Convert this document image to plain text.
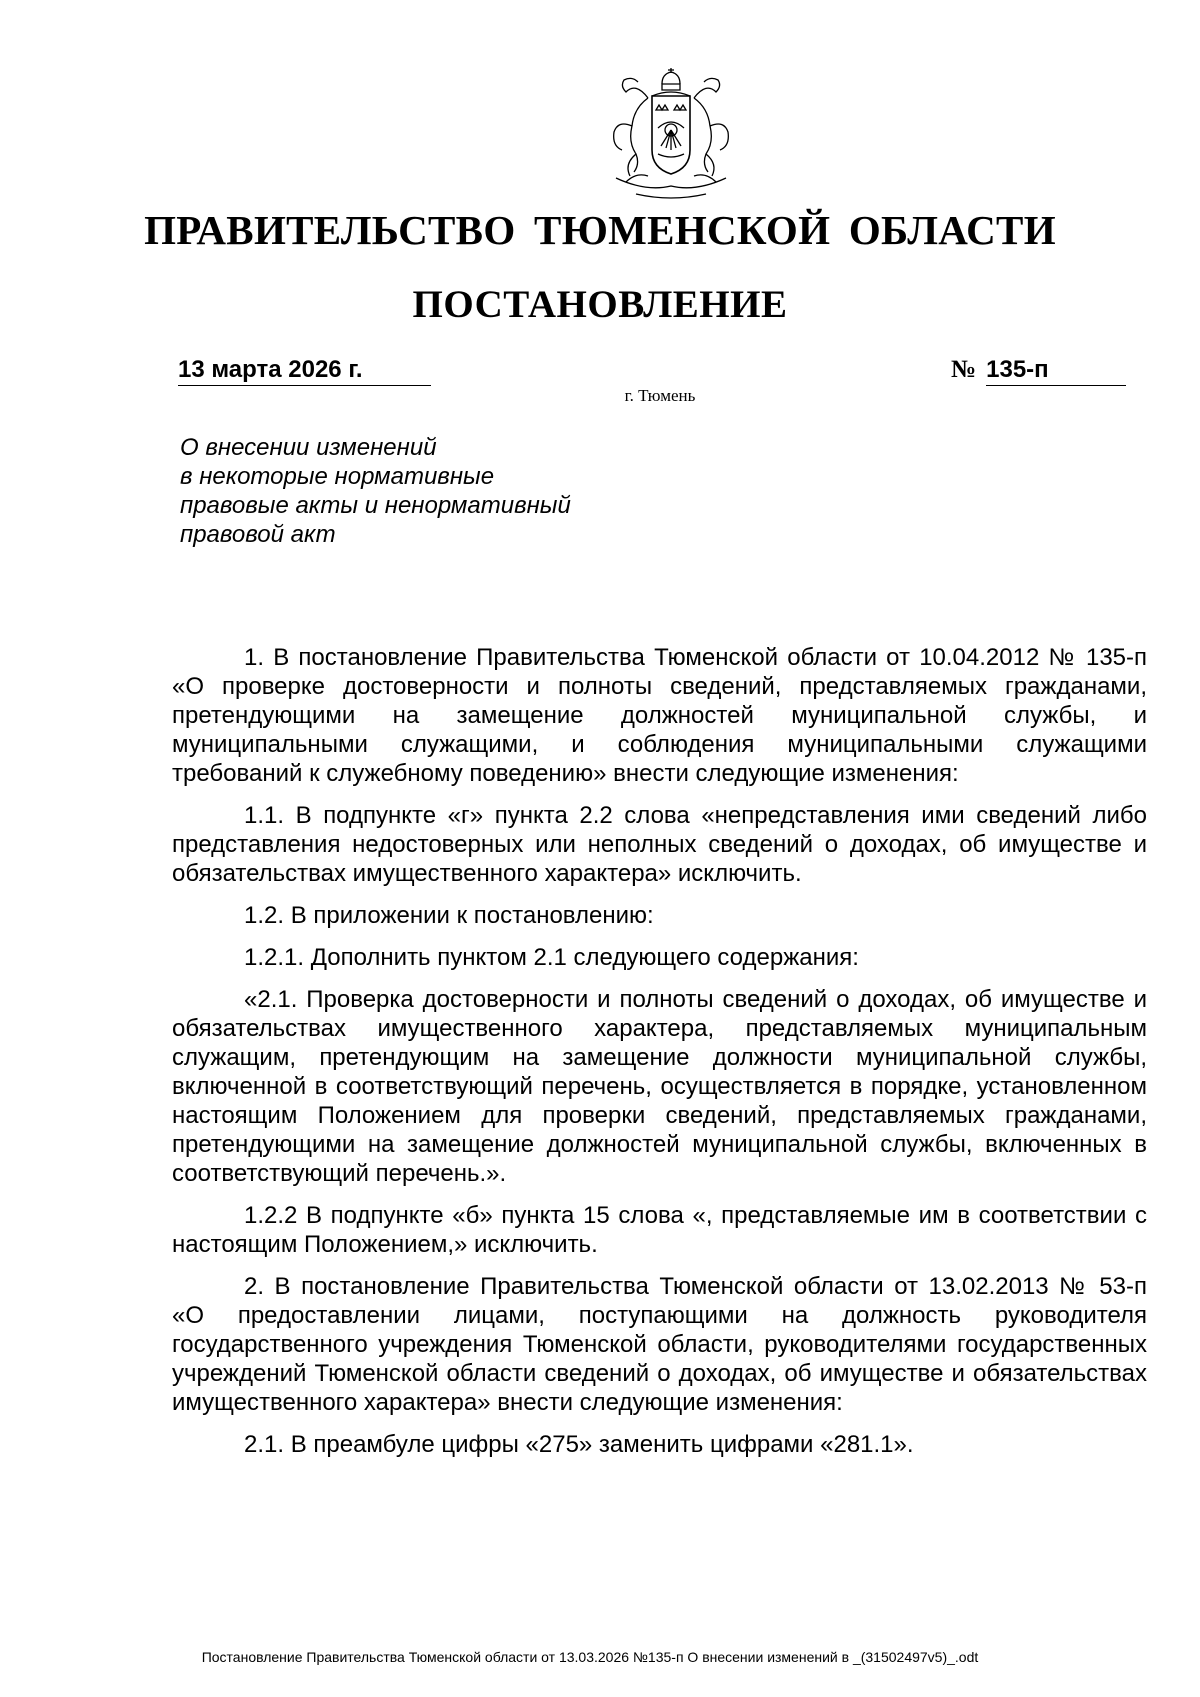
ПРАВИТЕЛЬСТВО ТЮМЕНСКОЙ ОБЛАСТИ
ПОСТАНОВЛЕНИЕ
13 марта 2026 г.	№ 135-п
г. Тюмень
О внесении изменений
в некоторые нормативные
правовые акты и ненормативный
правовой акт

1. В постановление Правительства Тюменской области от 10.04.2012 № 135-п «О проверке достоверности и полноты сведений, представляемых гражданами, претендующими на замещение должностей муниципальной службы, и муниципальными служащими, и соблюдения муниципальными служащими требований к служебному поведению» внести следующие изменения:

1.1. В подпункте «г» пункта 2.2 слова «непредставления ими сведений либо представления недостоверных или неполных сведений о доходах, об имуществе и обязательствах имущественного характера» исключить.

1.2. В приложении к постановлению:

1.2.1. Дополнить пунктом 2.1 следующего содержания:

«2.1. Проверка достоверности и полноты сведений о доходах, об имуществе и обязательствах имущественного характера, представляемых муниципальным служащим, претендующим на замещение должности муниципальной службы, включенной в соответствующий перечень, осуществляется в порядке, установленном настоящим Положением для проверки сведений, представляемых гражданами, претендующими на замещение должностей муниципальной службы, включенных в соответствующий перечень.».

1.2.2 В подпункте «б» пункта 15 слова «, представляемые им в соответствии с настоящим Положением,» исключить.

2. В постановление Правительства Тюменской области от 13.02.2013 № 53-п «О предоставлении лицами, поступающими на должность руководителя государственного учреждения Тюменской области, руководителями государственных учреждений Тюменской области сведений о доходах, об имуществе и обязательствах имущественного характера» внести следующие изменения:

2.1. В преамбуле цифры «275» заменить цифрами «281.1».

Постановление Правительства Тюменской области от 13.03.2026 №135-п О внесении изменений в _(31502497v5)_.odt
